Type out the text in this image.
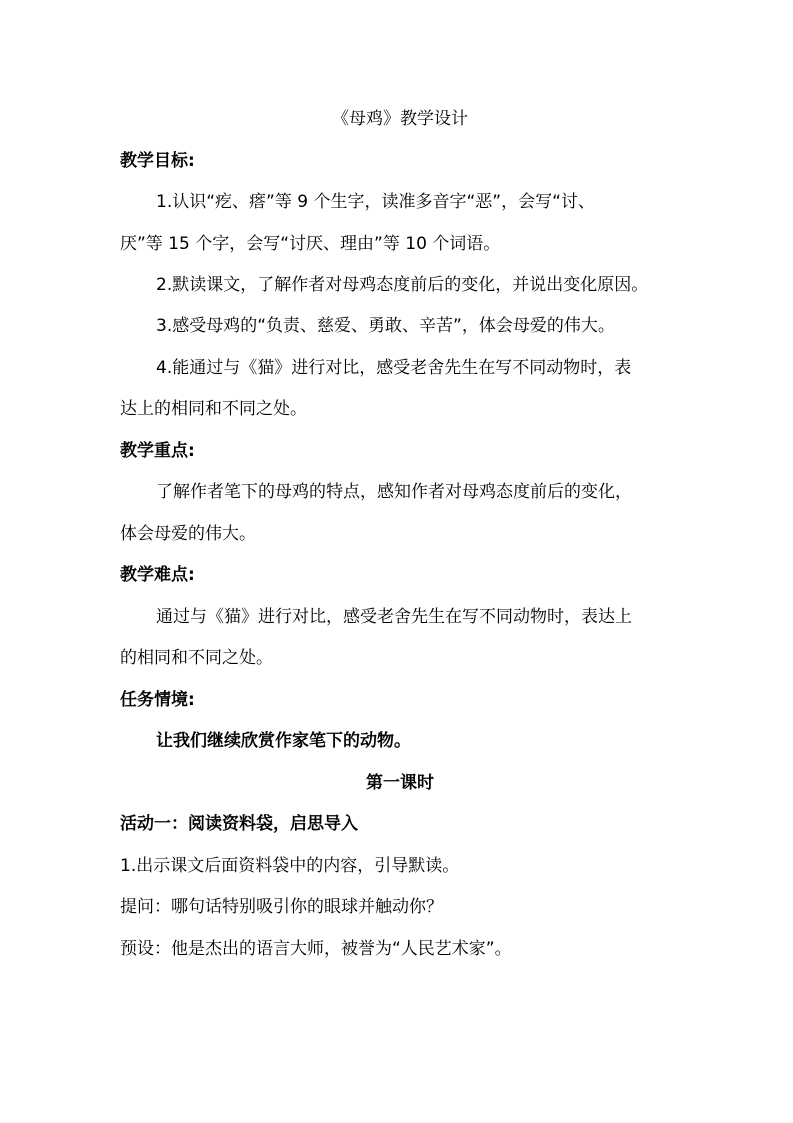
《母鸡》教学设计
教学目标:
1.认识“疙、瘩”等 9 个生字，读准多音字“恶”，会写“讨、
厌”等 15 个字，会写“讨厌、理由”等 10 个词语。
2.默读课文，了解作者对母鸡态度前后的变化，并说出变化原因。
3.感受母鸡的“负责、慈爱、勇敢、辛苦”，体会母爱的伟大。
4.能通过与《猫》进行对比，感受老舍先生在写不同动物时，表
达上的相同和不同之处。
教学重点:
了解作者笔下的母鸡的特点，感知作者对母鸡态度前后的变化，
体会母爱的伟大。
教学难点:
通过与《猫》进行对比，感受老舍先生在写不同动物时，表达上
的相同和不同之处。
任务情境:
让我们继续欣赏作家笔下的动物。
第一课时
活动一：阅读资料袋，启思导入
1.出示课文后面资料袋中的内容，引导默读。
提问：哪句话特别吸引你的眼球并触动你？
预设：他是杰出的语言大师，被誉为“人民艺术家”。
